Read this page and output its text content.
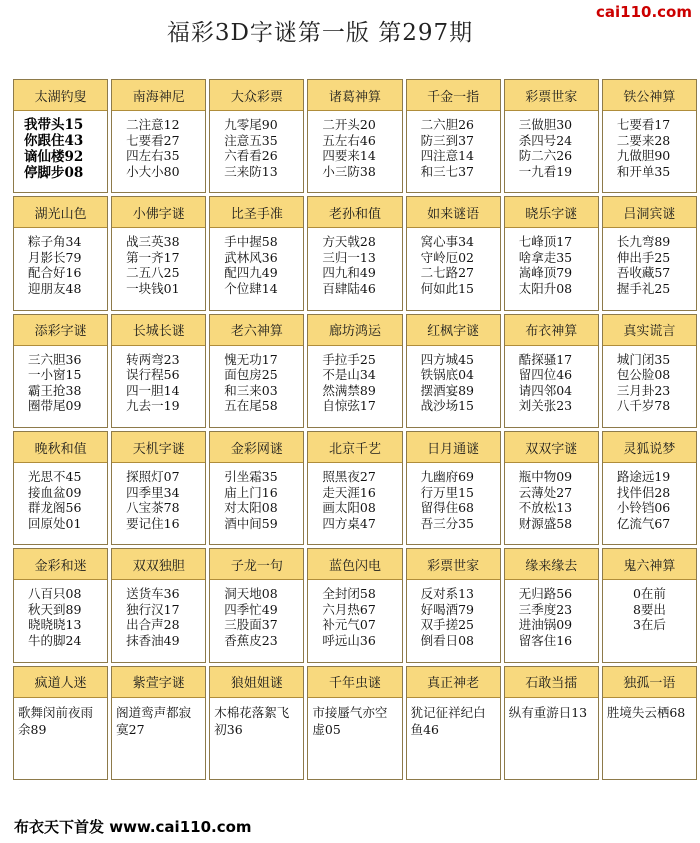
cai110.com
福彩3D字谜第一版 第297期
太湖钓叟
我带头15
你跟住43
谪仙楼92
停脚步08
南海神尼
二注意12
七要看27
四左右35
小大小80
大众彩票
九零尾90
注意五35
六看看26
三来防13
诸葛神算
二开头20
五左右46
四要来14
小三防38
千金一指
二六胆26
防三到37
四注意14
和三七37
彩票世家
三做胆30
杀四号24
防二六26
一九看19
铁公神算
七要看17
二要来28
九做胆90
和开单35
湖光山色
粽子角34
月影长79
配合好16
迎朋友48
小佛字谜
战三英38
第一齐17
二五八25
一块钱01
比圣手准
手中握58
武林风36
配四九49
个位肆14
老孙和值
方天戟28
三归一13
四九和49
百肆陆46
如来谜语
窝心事34
守岭厄02
二七路27
何如此15
晓乐字谜
七峰顶17
啥拿走35
嵩峰顶79
太阳升08
吕洞宾谜
长九弯89
伸出手25
吾收藏57
握手礼25
添彩字谜
三六胆36
一小窗15
霸王抢38
圈带尾09
长城长谜
转两弯23
误行程56
四一胆14
九去一19
老六神算
愧无功17
面包房25
和三来03
五在尾58
廊坊鸿运
手拉手25
不是山34
然满禁89
自惊弦17
红枫字谜
四方城45
铁锅底04
摆酒宴89
战沙场15
布衣神算
酷探骚17
留四位46
请四邻04
刘关张23
真实谎言
城门闭35
包公脸08
三月卦23
八千岁78
晚秋和值
光思不45
接血盆09
群龙阁56
回原处01
天机字谜
探照灯07
四季里34
八宝茶78
要记住16
金彩网谜
引坐霜35
庙上门16
对太阳08
酒中间59
北京千艺
照黑夜27
走天涯16
画太阳08
四方桌47
日月通谜
九幽府69
行万里15
留得住68
吾三分35
双双字谜
瓶中物09
云薄处27
不放松13
财源盛58
灵狐说梦
路途远19
找伴侣28
小铃铛06
亿流气67
金彩和迷
八百只08
秋天到89
晓晓晓13
牛的脚24
双双独胆
送货车36
独行汉17
出合声28
抹香油49
子龙一句
洞天地08
四季忙49
三股面37
香蕉皮23
蓝色闪电
全封闭58
六月热67
补元气07
呼远山36
彩票世家
反对系13
好喝酒79
双手搓25
倒看日08
缘来缘去
无归路56
三季度23
进油锅09
留客住16
鬼六神算
0在前
8要出
3在后
疯道人迷
歌舞闵前夜雨余89
紫萱字谜
阁道鸾声都寂寞27
狼姐姐谜
木棉花落絮飞初36
千年虫谜
市接蜃气亦空虚05
真正神老
犹记征祥纪白鱼46
石敢当擂
纵有重游日13
独孤一语
胜境失云栖68
布衣天下首发 www.cai110.com
